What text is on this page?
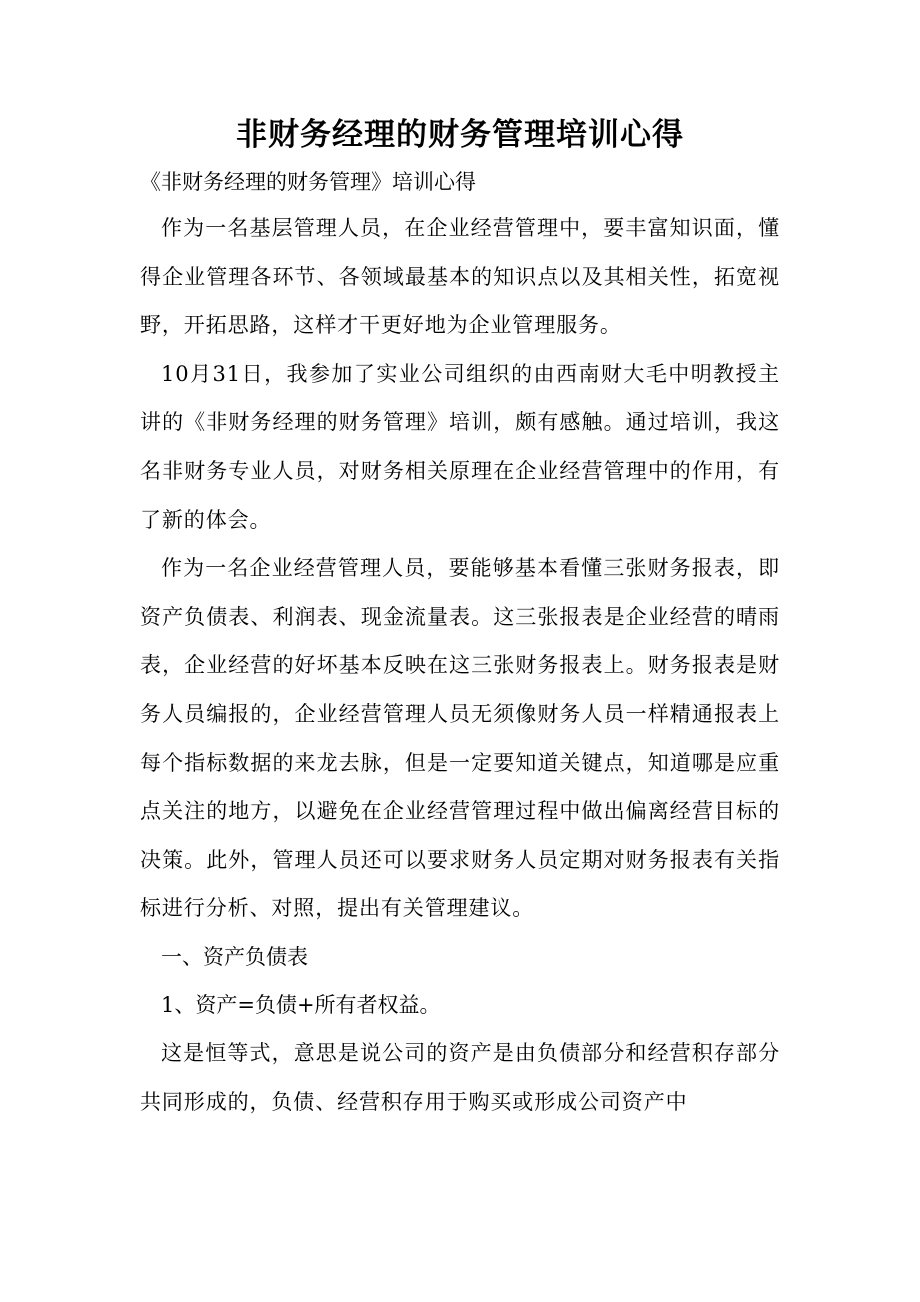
非财务经理的财务管理培训心得

《非财务经理的财务管理》培训心得

作为一名基层管理人员，在企业经营管理中，要丰富知识面，懂得企业管理各环节、各领域最基本的知识点以及其相关性，拓宽视野，开拓思路，这样才干更好地为企业管理服务。

10月31日，我参加了实业公司组织的由西南财大毛中明教授主讲的《非财务经理的财务管理》培训，颇有感触。通过培训，我这名非财务专业人员，对财务相关原理在企业经营管理中的作用，有了新的体会。

作为一名企业经营管理人员，要能够基本看懂三张财务报表，即资产负债表、利润表、现金流量表。这三张报表是企业经营的晴雨表，企业经营的好坏基本反映在这三张财务报表上。财务报表是财务人员编报的，企业经营管理人员无须像财务人员一样精通报表上每个指标数据的来龙去脉，但是一定要知道关键点，知道哪是应重点关注的地方，以避免在企业经营管理过程中做出偏离经营目标的决策。此外，管理人员还可以要求财务人员定期对财务报表有关指标进行分析、对照，提出有关管理建议。

一、资产负债表

1、资产=负债+所有者权益。

这是恒等式，意思是说公司的资产是由负债部分和经营积存部分共同形成的，负债、经营积存用于购买或形成公司资产中
